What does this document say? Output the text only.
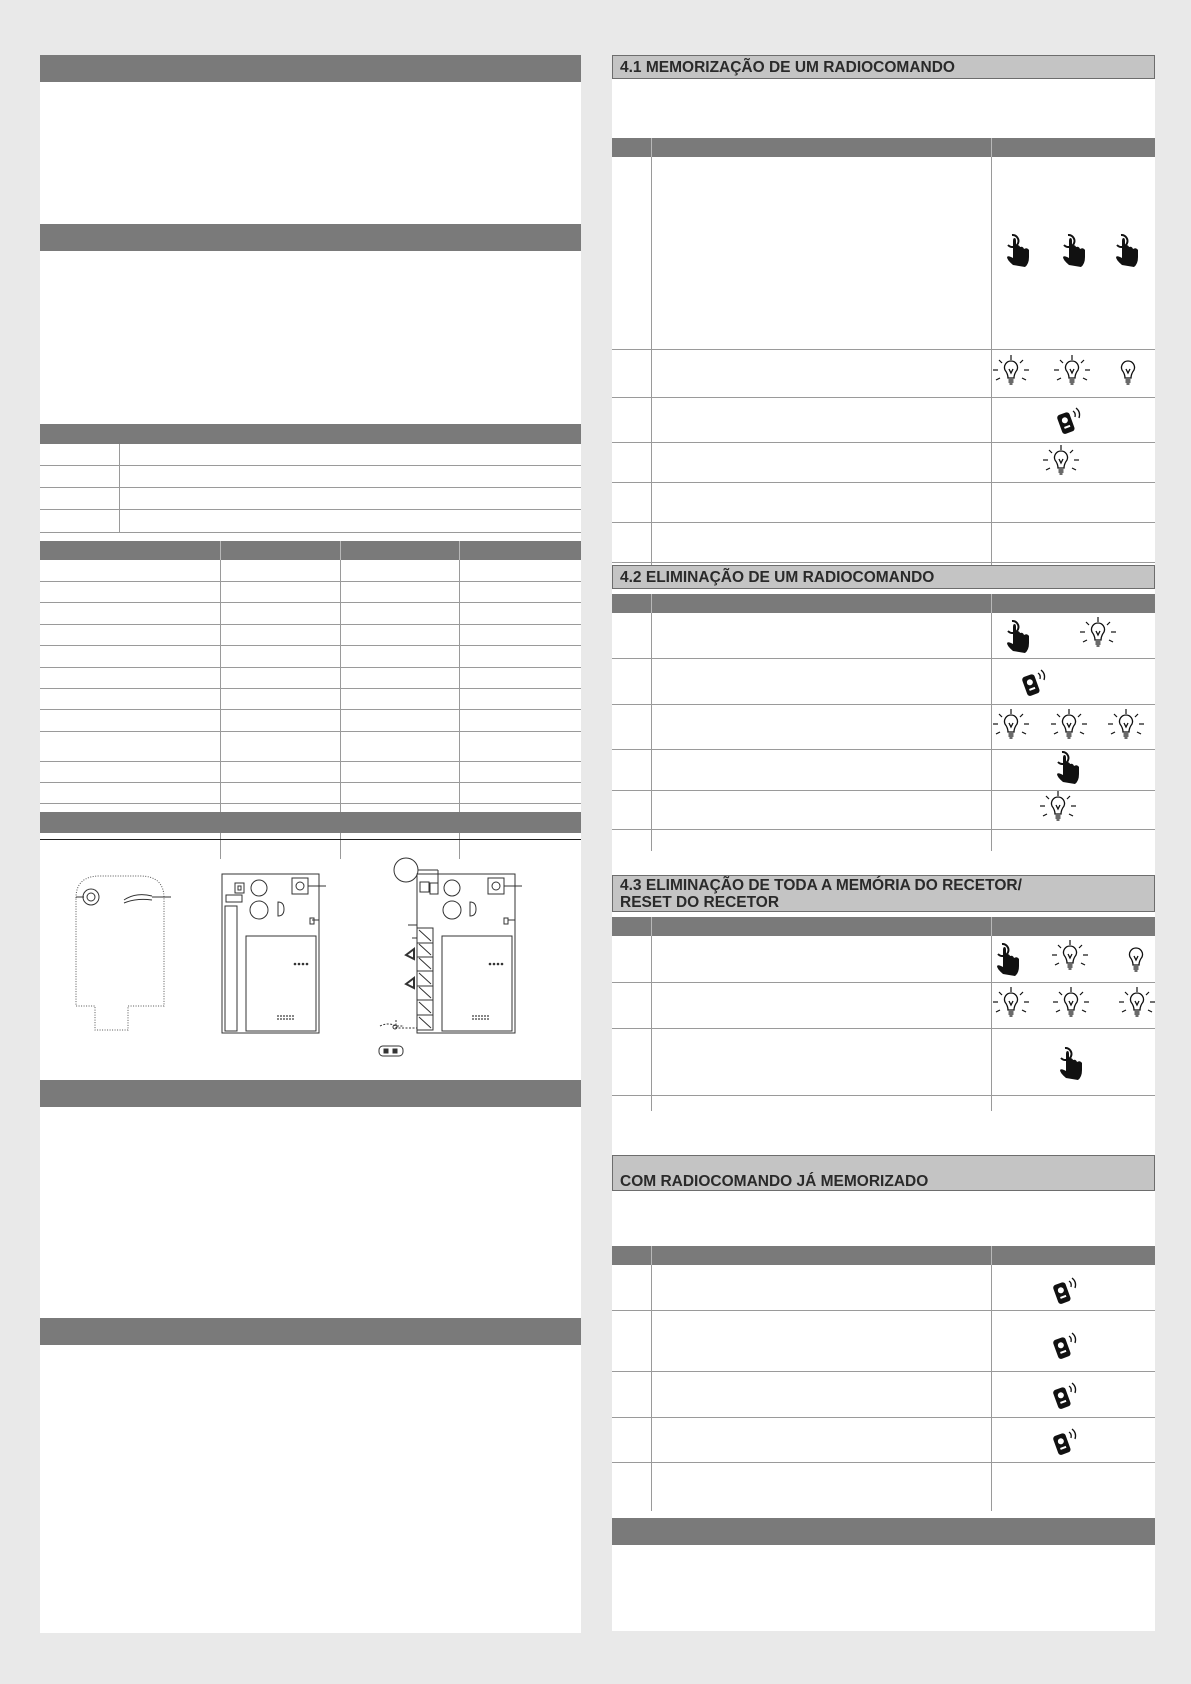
4.1 MEMORIZAÇÃO DE UM RADIOCOMANDO
4.2 ELIMINAÇÃO DE UM RADIOCOMANDO
4.3 ELIMINAÇÃO DE TODA A MEMÓRIA DO RECETOR/
RESET DO RECETOR
COM RADIOCOMANDO JÁ MEMORIZADO
